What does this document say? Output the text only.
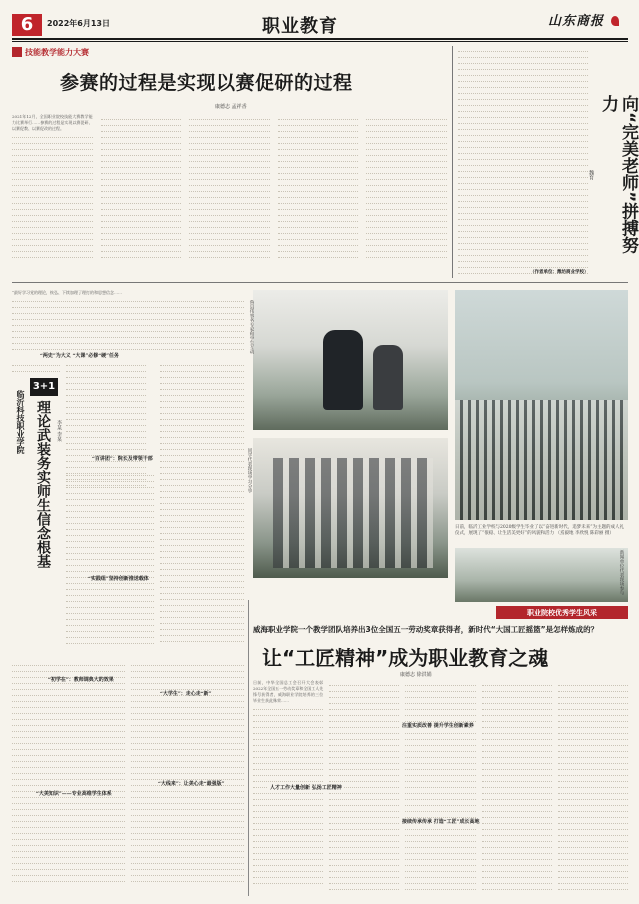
6	2022年6月13日	职业教育	山东商报
技能教学能力大赛
参赛的过程是实现以赛促研的过程
康德志 孟祥香
2021年12月，全国职业院校技能大赛教学能力比赛举行……参赛的过程是实现以赛促研、以赛促教、以赛促改的过程。
（作者单位：潍坊商业学校）
向“完美老师”拼搏努力
魏育
“最好学习党的理论，恢弘、下续加理了理打的和思想信念……
“两史”为大义 “大课”必修“硬”任务
临沂科技职业学院
3+1
理论武装务实师生信念根基 李某 李某
“百讲团”：院长及带领干部
“实践组”坚持创新推送载体
“初学在”：教师调典大的效果
“大美知识”——专业高维学生体系
“大学生”：走心走“新”
“大线来”：让美心走“最强版”
鲁县伟事务专家和学生互动
同学代表现场学习分享
日前，临沂工业学校与2020级学生毕业了以“奋进新时代，追梦未来”为主题的成人礼仪式，展现了“很稳、让生活美更好”的风貌和活力 （焉毅地 李欣悦 陈彩丽 摄）
新闻单位代表现场参与
职业院校优秀学生风采
威海职业学院一个教学团队培养出3位全国五一劳动奖章获得者，新时代“大国工匠摇篮”是怎样炼成的？
让“工匠精神”成为职业教育之魂
康德志 徐洪娟
日前，中华全国总工会召开大会表彰2022年全国五一劳动奖章和全国工人先锋号获得者，威海职业学院培养的三位毕业生获此殊荣……
人才工作大量创新 弘扬工匠精神
注重实质改善 提升学生创新素养
接续传承传承 打造“工匠”成长高地
